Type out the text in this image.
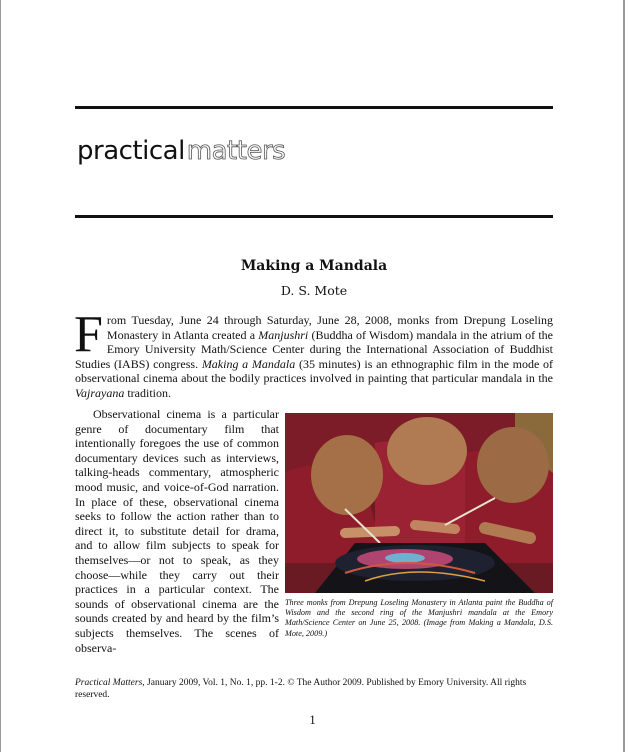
practicalmatters
Making a Mandala
D. S. Mote

From Tuesday, June 24 through Saturday, June 28, 2008, monks from Drepung Loseling Monastery in Atlanta created a Manjushri (Buddha of Wisdom) mandala in the atrium of the Emory University Math/Science Center during the International Association of Buddhist Studies (IABS) congress. Making a Mandala (35 minutes) is an ethnographic film in the mode of observational cinema about the bodily practices involved in painting that particular mandala in the Vajrayana tradition.

Observational cinema is a particular genre of documentary film that intentionally foregoes the use of common documentary devices such as interviews, talking-heads commentary, atmospheric mood music, and voice-of-God narration. In place of these, observational cinema seeks to follow the action rather than to direct it, to substitute detail for drama, and to allow film subjects to speak for themselves—or not to speak, as they choose—while they carry out their practices in a particular context. The sounds of observational cinema are the sounds created by and heard by the film’s subjects themselves. The scenes of observa-

Three monks from Drepung Loseling Monastery in Atlanta paint the Buddha of Wisdom and the second ring of the Manjushri mandala at the Emory Math/Science Center on June 25, 2008. (Image from Making a Mandala, D.S. Mote, 2009.)

Practical Matters, January 2009, Vol. 1, No. 1, pp. 1-2. © The Author 2009. Published by Emory University. All rights reserved.

1
